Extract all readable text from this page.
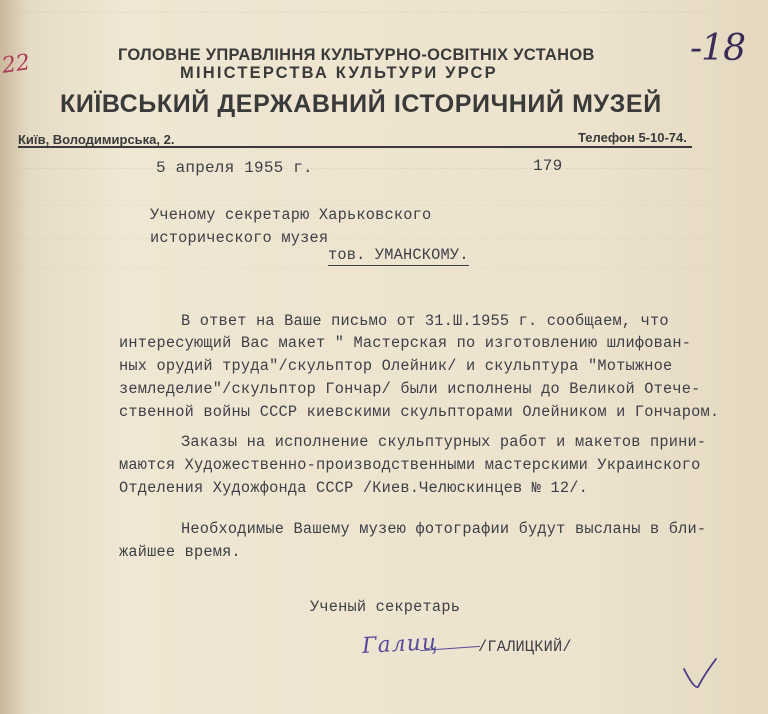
22	-18
ГОЛОВНЕ УПРАВЛІННЯ КУЛЬТУРНО-ОСВІТНІХ УСТАНОВ
МІНІСТЕРСТВА КУЛЬТУРИ УРСР
КИЇВСЬКИЙ ДЕРЖАВНИЙ ІСТОРИЧНИЙ МУЗЕЙ
Київ, Володимирська, 2.	Телефон 5-10-74.
5 апреля 1955 г.	179
Ученому секретарю Харьковского
исторического музея
тов. УМАНСКОМУ.
В ответ на Ваше письмо от 31.Ш.1955 г. сообщаем, что
интересующий Вас макет " Мастерская по изготовлению шлифован-
ных орудий труда"/скульптор Олейник/ и скульптура "Мотыжное
земледелие"/скульптор Гончар/ были исполнены до Великой Отече-
ственной войны СССР киевскими скульпторами Олейником и Гончаром.
Заказы на исполнение скульптурных работ и макетов прини-
маются Художественно-производственными мастерскими Украинского
Отделения Художфонда СССР /Киев.Челюскинцев № 12/.
Необходимые Вашему музею фотографии будут высланы в бли-
жайшее время.
Ученый секретарь
Галиц	/ГАЛИЦКИЙ/
